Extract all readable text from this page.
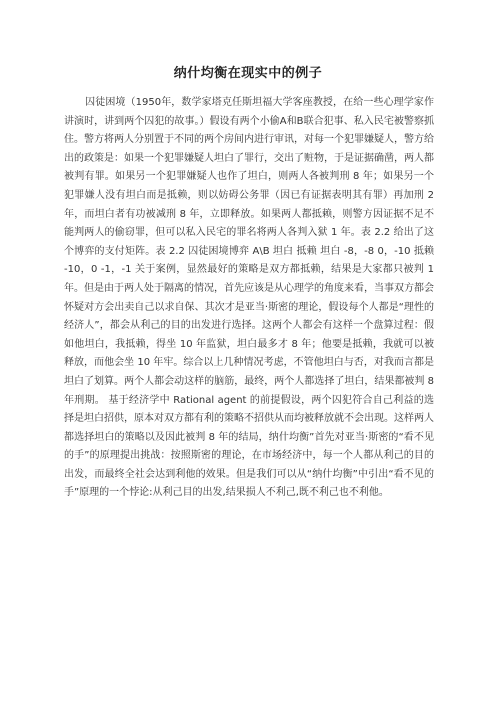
纳什均衡在现实中的例子
囚徒困境（1950年，数学家塔克任斯坦福大学客座教授，在给一些心理学家作讲演时，讲到两个囚犯的故事。）假设有两个小偷A和B联合犯事、私入民宅被警察抓住。警方将两人分别置于不同的两个房间内进行审讯，对每一个犯罪嫌疑人，警方给出的政策是：如果一个犯罪嫌疑人坦白了罪行，交出了赃物，于是证据确凿，两人都被判有罪。如果另一个犯罪嫌疑人也作了坦白，则两人各被判刑 8 年；如果另一个犯罪嫌人没有坦白而是抵赖，则以妨碍公务罪（因已有证据表明其有罪）再加刑 2 年，而坦白者有功被减刑 8 年，立即释放。如果两人都抵赖，则警方因证据不足不能判两人的偷窃罪，但可以私入民宅的罪名将两人各判入狱 1 年。表 2.2 给出了这个博弈的支付矩阵。表 2.2 囚徒困境博弈 A\B 坦白 抵赖 坦白 -8，-8 0，-10 抵赖 -10，0 -1，-1 关于案例，显然最好的策略是双方都抵赖，结果是大家都只被判 1 年。但是由于两人处于隔离的情况，首先应该是从心理学的角度来看，当事双方都会怀疑对方会出卖自己以求自保、其次才是亚当·斯密的理论，假设每个人都是“理性的经济人”，都会从利己的目的出发进行选择。这两个人都会有这样一个盘算过程：假如他坦白，我抵赖，得坐 10 年监狱，坦白最多才 8 年；他要是抵赖，我就可以被释放，而他会坐 10 年牢。综合以上几种情况考虑，不管他坦白与否，对我而言都是坦白了划算。两个人都会动这样的脑筋，最终，两个人都选择了坦白，结果都被判 8 年刑期。 基于经济学中 Rational agent 的前提假设，两个囚犯符合自己利益的选择是坦白招供，原本对双方都有利的策略不招供从而均被释放就不会出现。这样两人都选择坦白的策略以及因此被判 8 年的结局，纳什均衡”首先对亚当·斯密的“看不见的手”的原理提出挑战：按照斯密的理论，在市场经济中，每一个人都从利己的目的出发，而最终全社会达到利他的效果。但是我们可以从“纳什均衡”中引出“看不见的手”原理的一个悖论:从利己目的出发,结果损人不利己,既不利己也不利他。
